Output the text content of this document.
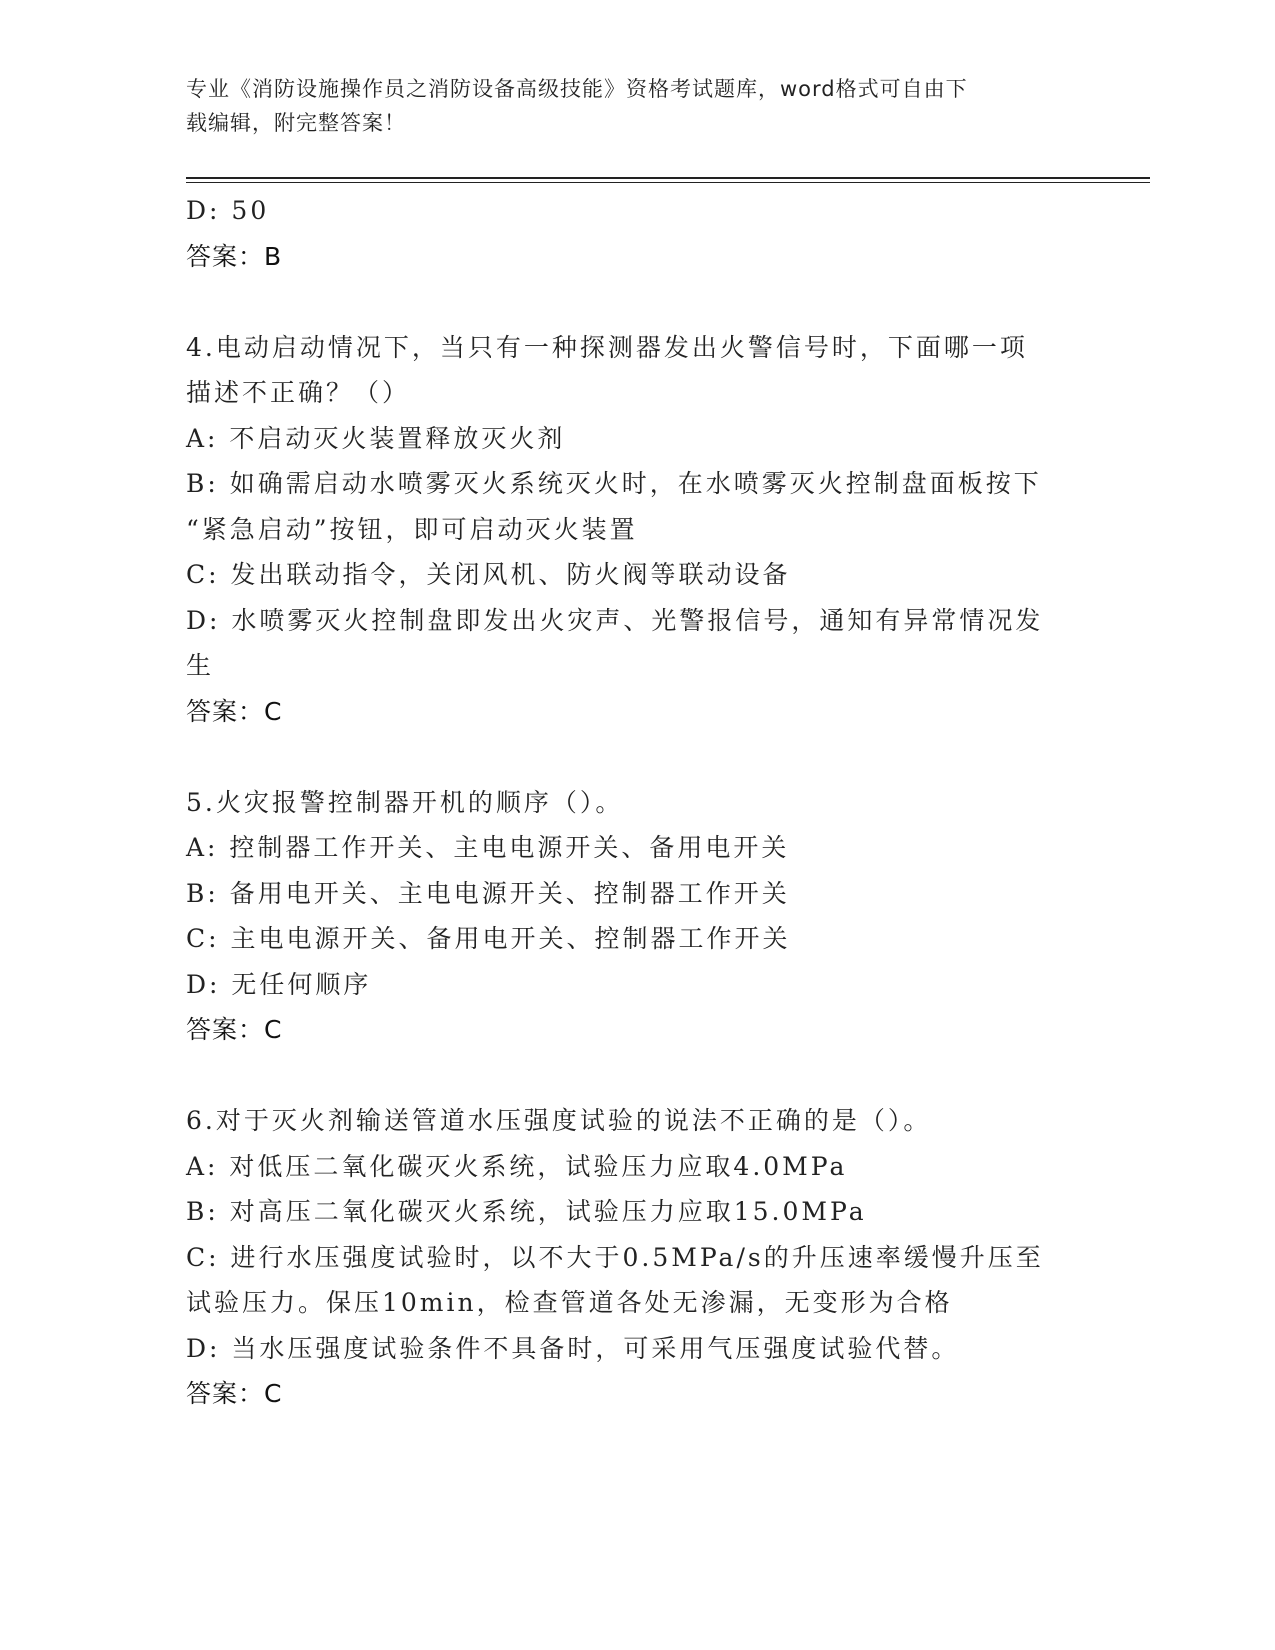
专业《消防设施操作员之消防设备高级技能》资格考试题库，word格式可自由下
载编辑，附完整答案！
D: 50
答案：B
4.电动启动情况下，当只有一种探测器发出火警信号时，下面哪一项
描述不正确？（）
A: 不启动灭火装置释放灭火剂
B: 如确需启动水喷雾灭火系统灭火时，在水喷雾灭火控制盘面板按下
“紧急启动”按钮，即可启动灭火装置
C: 发出联动指令，关闭风机、防火阀等联动设备
D: 水喷雾灭火控制盘即发出火灾声、光警报信号，通知有异常情况发
生
答案：C
5.火灾报警控制器开机的顺序（）。
A: 控制器工作开关、主电电源开关、备用电开关
B: 备用电开关、主电电源开关、控制器工作开关
C: 主电电源开关、备用电开关、控制器工作开关
D: 无任何顺序
答案：C
6.对于灭火剂输送管道水压强度试验的说法不正确的是（）。
A: 对低压二氧化碳灭火系统，试验压力应取4.0MPa
B: 对高压二氧化碳灭火系统，试验压力应取15.0MPa
C: 进行水压强度试验时，以不大于0.5MPa/s的升压速率缓慢升压至
试验压力。保压10min，检查管道各处无渗漏，无变形为合格
D: 当水压强度试验条件不具备时，可采用气压强度试验代替。
答案：C
